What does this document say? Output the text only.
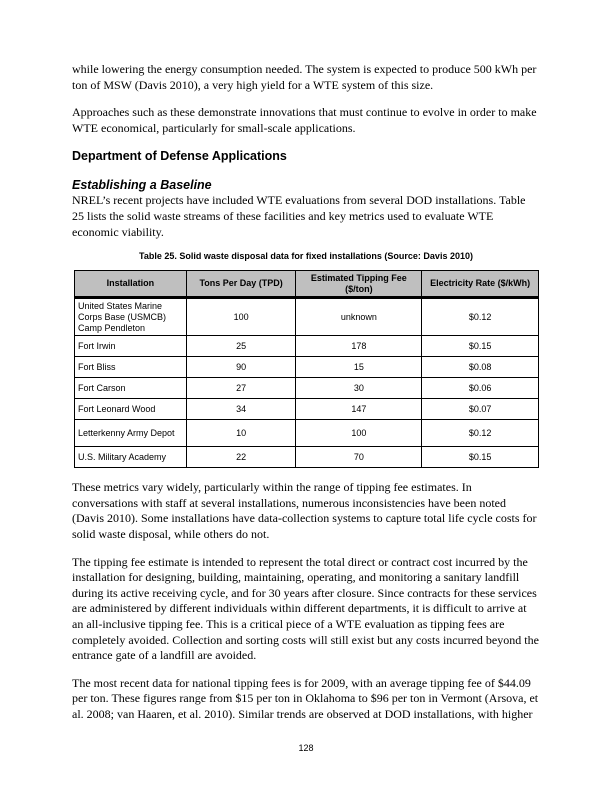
while lowering the energy consumption needed. The system is expected to produce 500 kWh per ton of MSW (Davis 2010), a very high yield for a WTE system of this size.

Approaches such as these demonstrate innovations that must continue to evolve in order to make WTE economical, particularly for small-scale applications.

Department of Defense Applications
Establishing a Baseline

NREL’s recent projects have included WTE evaluations from several DOD installations. Table 25 lists the solid waste streams of these facilities and key metrics used to evaluate WTE economic viability.

Table 25. Solid waste disposal data for fixed installations (Source: Davis 2010)
Installation	Tons Per Day (TPD)	Estimated Tipping Fee ($/ton)	Electricity Rate ($/kWh)
United States Marine Corps Base (USMCB) Camp Pendleton	100	unknown	$0.12
Fort Irwin	25	178	$0.15
Fort Bliss	90	15	$0.08
Fort Carson	27	30	$0.06
Fort Leonard Wood	34	147	$0.07
Letterkenny Army Depot	10	100	$0.12
U.S. Military Academy	22	70	$0.15

These metrics vary widely, particularly within the range of tipping fee estimates. In conversations with staff at several installations, numerous inconsistencies have been noted (Davis 2010). Some installations have data-collection systems to capture total life cycle costs for solid waste disposal, while others do not.

The tipping fee estimate is intended to represent the total direct or contract cost incurred by the installation for designing, building, maintaining, operating, and monitoring a sanitary landfill during its active receiving cycle, and for 30 years after closure. Since contracts for these services are administered by different individuals within different departments, it is difficult to arrive at an all-inclusive tipping fee. This is a critical piece of a WTE evaluation as tipping fees are completely avoided. Collection and sorting costs will still exist but any costs incurred beyond the entrance gate of a landfill are avoided.

The most recent data for national tipping fees is for 2009, with an average tipping fee of $44.09 per ton. These figures range from $15 per ton in Oklahoma to $96 per ton in Vermont (Arsova, et al. 2008; van Haaren, et al. 2010). Similar trends are observed at DOD installations, with higher

128
